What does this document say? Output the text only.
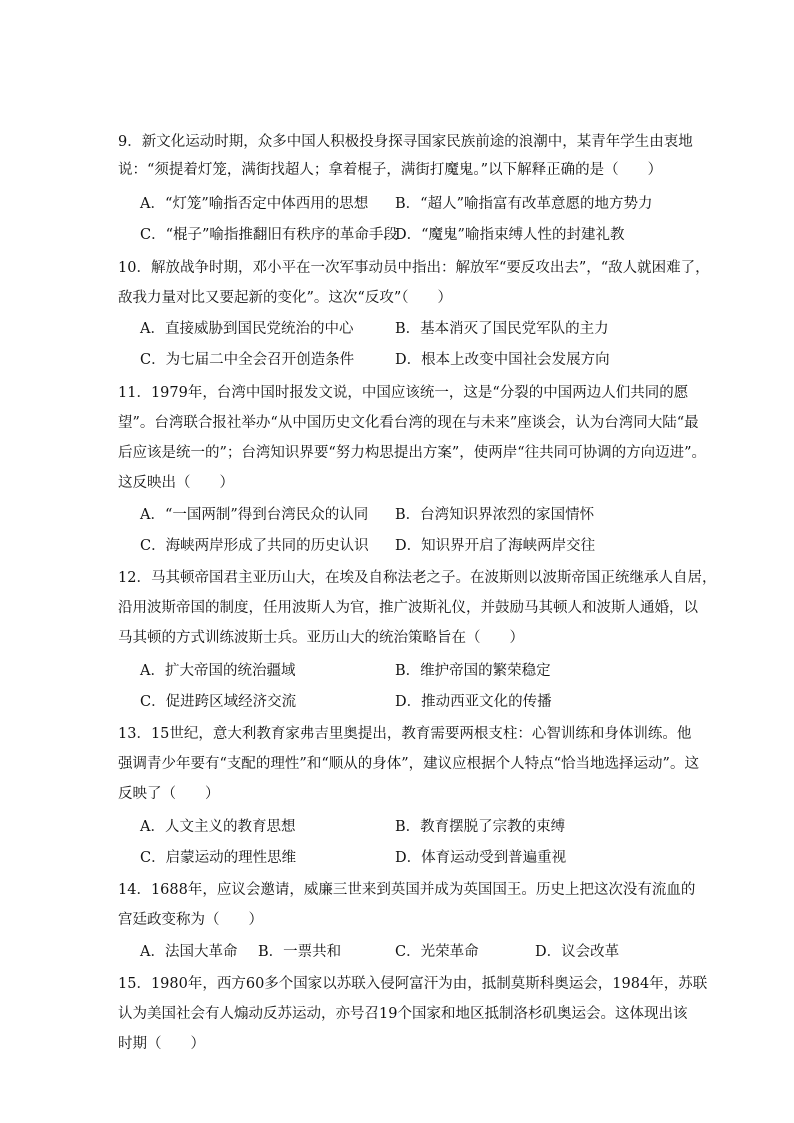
9．新文化运动时期，众多中国人积极投身探寻国家民族前途的浪潮中，某青年学生由衷地
说：“须提着灯笼，满街找超人；拿着棍子，满街打魔鬼。”以下解释正确的是（　　）
A．“灯笼”喻指否定中体西用的思想 B．“超人”喻指富有改革意愿的地方势力
C．“棍子”喻指推翻旧有秩序的革命手段
D．“魔鬼”喻指束缚人性的封建礼教
10．解放战争时期，邓小平在一次军事动员中指出：解放军“要反攻出去”，“敌人就困难了，
敌我力量对比又要起新的变化”。这次“反攻”（　　）
A．直接威胁到国民党统治的中心	B．基本消灭了国民党军队的主力
C．为七届二中全会召开创造条件	D．根本上改变中国社会发展方向
11．1979年，台湾中国时报发文说，中国应该统一，这是“分裂的中国两边人们共同的愿
望”。台湾联合报社举办“从中国历史文化看台湾的现在与未来”座谈会，认为台湾同大陆“最
后应该是统一的”；台湾知识界要“努力构思提出方案”，使两岸“往共同可协调的方向迈进”。
这反映出（　　）
A．“一国两制”得到台湾民众的认同 B．台湾知识界浓烈的家国情怀
C．海峡两岸形成了共同的历史认识 D．知识界开启了海峡两岸交往
12．马其顿帝国君主亚历山大，在埃及自称法老之子。在波斯则以波斯帝国正统继承人自居，
沿用波斯帝国的制度，任用波斯人为官，推广波斯礼仪，并鼓励马其顿人和波斯人通婚，以
马其顿的方式训练波斯士兵。亚历山大的统治策略旨在（　　）
A．扩大帝国的统治疆域	B．维护帝国的繁荣稳定
C．促进跨区域经济交流	D．推动西亚文化的传播
13．15世纪，意大利教育家弗吉里奥提出，教育需要两根支柱：心智训练和身体训练。他
强调青少年要有“支配的理性”和“顺从的身体”，建议应根据个人特点“恰当地选择运动”。这
反映了（　　）
A．人文主义的教育思想	B．教育摆脱了宗教的束缚
C．启蒙运动的理性思维	D．体育运动受到普遍重视
14．1688年，应议会邀请，威廉三世来到英国并成为英国国王。历史上把这次没有流血的
宫廷政变称为（　　）
A．法国大革命 B．一票共和	C．光荣革命	D．议会改革
15．1980年，西方60多个国家以苏联入侵阿富汗为由，抵制莫斯科奥运会，1984年，苏联
认为美国社会有人煽动反苏运动，亦号召19个国家和地区抵制洛杉矶奥运会。这体现出该
时期（　　）
